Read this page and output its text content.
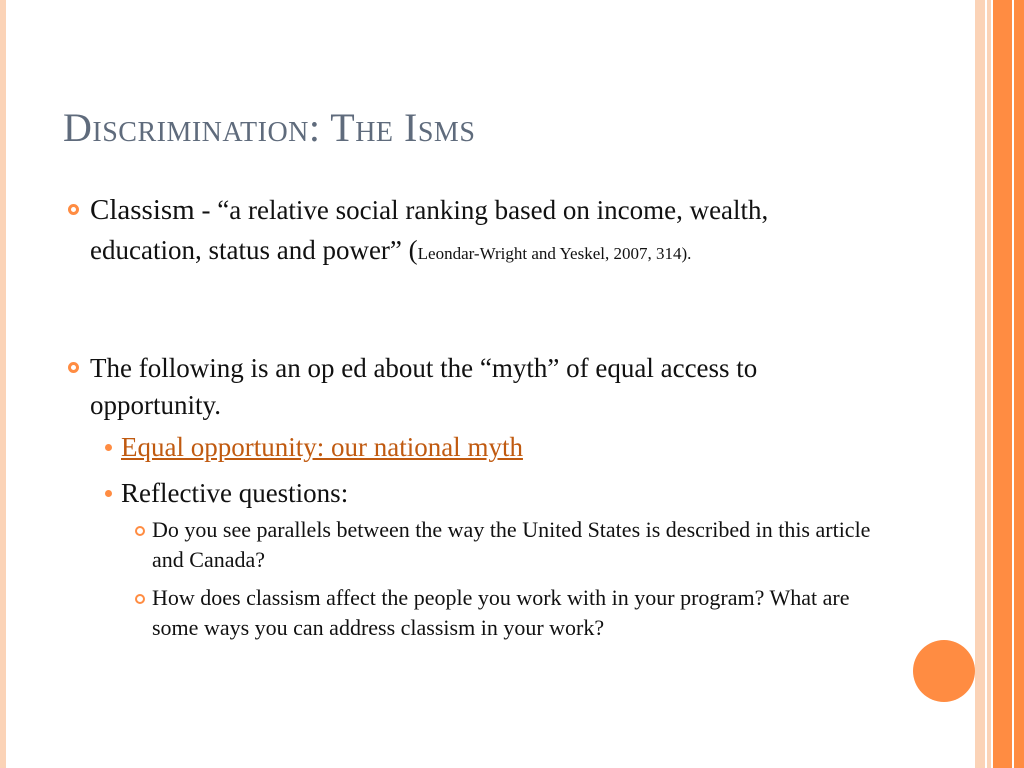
Discrimination: The Isms
Classism - “a relative social ranking based on income, wealth, education, status and power” (Leondar-Wright and Yeskel, 2007, 314).
The following is an op ed about the “myth” of equal access to opportunity.
Equal opportunity: our national myth
Reflective questions:
Do you see parallels between the way the United States is described in this article and Canada?
How does classism affect the people you work with in your program? What are some ways you can address classism in your work?
